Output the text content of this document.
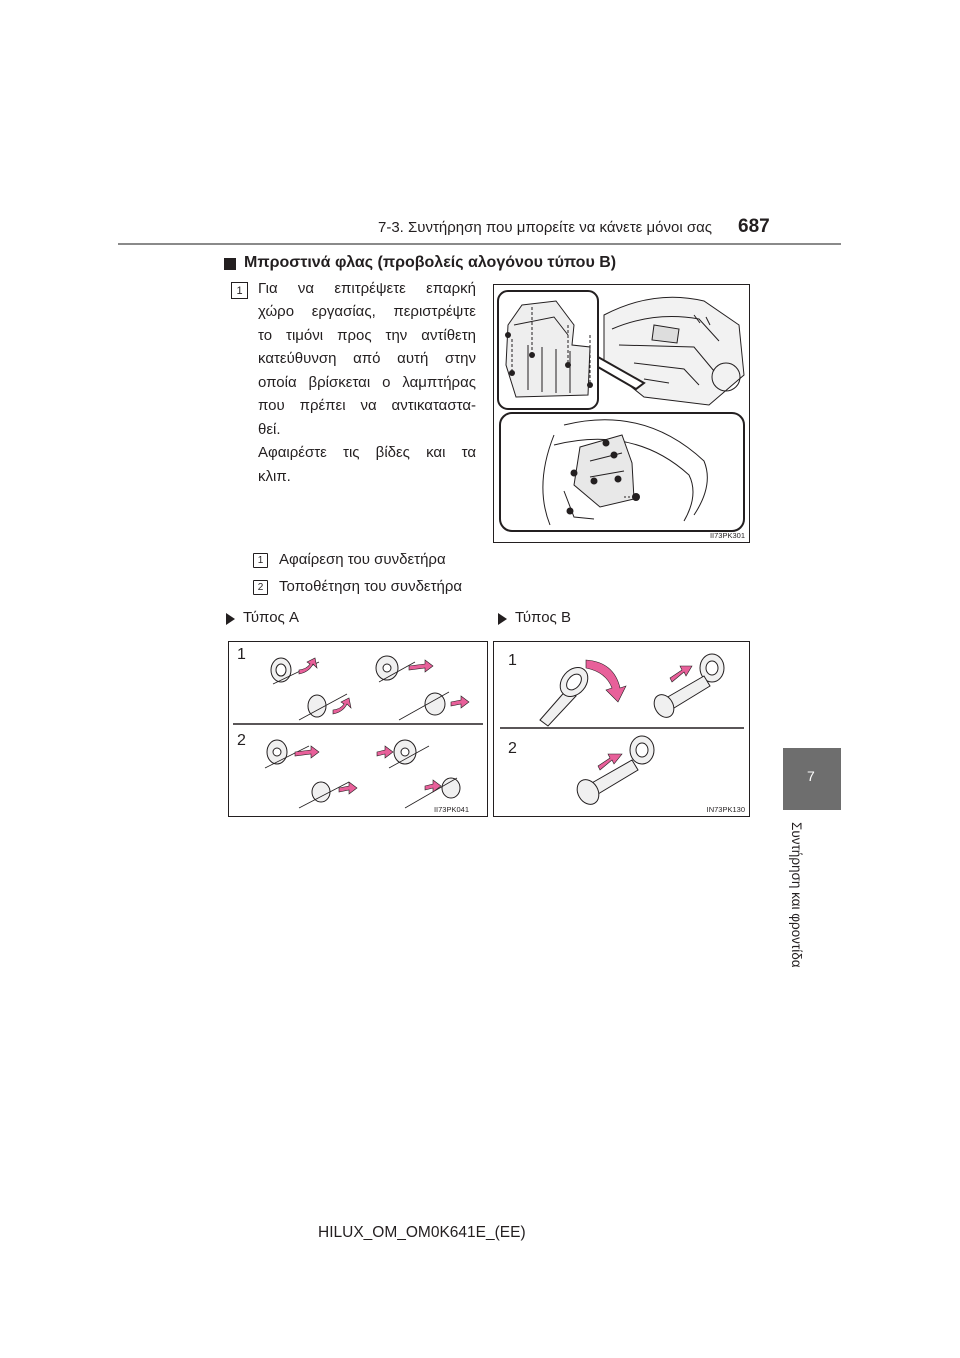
7-3. Συντήρηση που μπορείτε να κάνετε μόνοι σας 687
7
Συντήρηση και φροντίδα
Μπροστινά φλας (προβολείς αλογόνου τύπου B)
1	Για να επιτρέψετε επαρκή
χώρο εργασίας, περιστρέψτε
το τιμόνι προς την αντίθετη
κατεύθυνση από αυτή στην
οποία βρίσκεται ο λαμπτήρας
που πρέπει να αντικαταστα-
θεί.
Αφαιρέστε τις βίδες και τα
κλιπ.
II73PK301
1	Αφαίρεση του συνδετήρα
2	Τοποθέτηση του συνδετήρα
Τύπος A	Τύπος B
1
2
II73PK041
1
2
IN73PK130
HILUX_OM_OM0K641E_(EE)
